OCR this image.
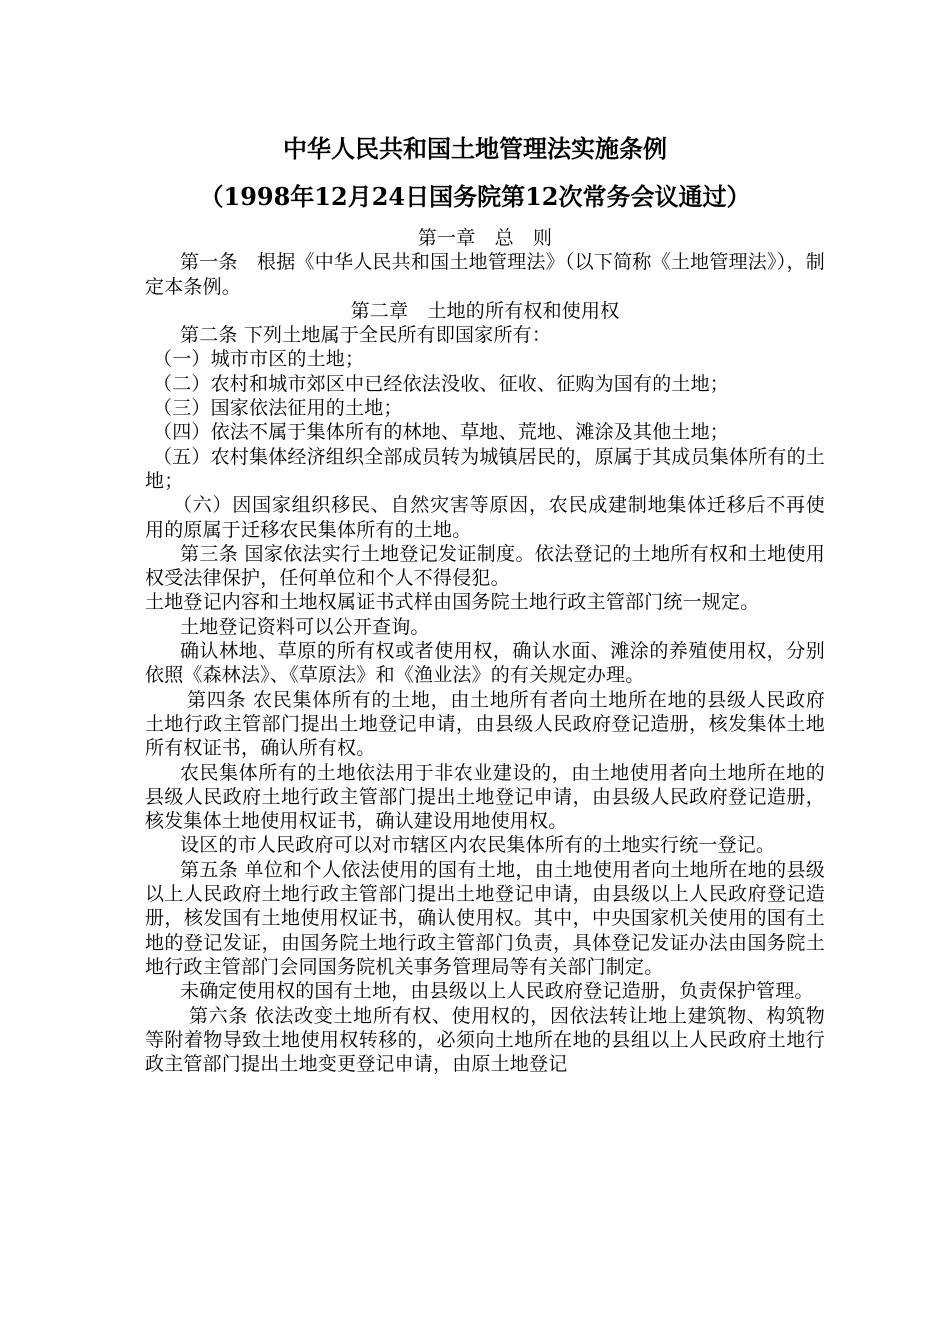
中华人民共和国土地管理法实施条例
（1998年12月24日国务院第12次常务会议通过）

第一章　总　则

第一条　根据《中华人民共和国土地管理法》（以下简称《土地管理法》），制定本条例。

第二章　土地的所有权和使用权

第二条 下列土地属于全民所有即国家所有：

（一）城市市区的土地；

（二）农村和城市郊区中已经依法没收、征收、征购为国有的土地；

（三）国家依法征用的土地；

（四）依法不属于集体所有的林地、草地、荒地、滩涂及其他土地；

（五）农村集体经济组织全部成员转为城镇居民的，原属于其成员集体所有的土地；

（六）因国家组织移民、自然灾害等原因，农民成建制地集体迁移后不再使用的原属于迁移农民集体所有的土地。

第三条 国家依法实行土地登记发证制度。依法登记的土地所有权和土地使用权受法律保护，任何单位和个人不得侵犯。

土地登记内容和土地权属证书式样由国务院土地行政主管部门统一规定。

土地登记资料可以公开查询。

确认林地、草原的所有权或者使用权，确认水面、滩涂的养殖使用权，分别依照《森林法》、《草原法》和《渔业法》的有关规定办理。

第四条 农民集体所有的土地，由土地所有者向土地所在地的县级人民政府土地行政主管部门提出土地登记申请，由县级人民政府登记造册，核发集体土地所有权证书，确认所有权。

农民集体所有的土地依法用于非农业建设的，由土地使用者向土地所在地的县级人民政府土地行政主管部门提出土地登记申请，由县级人民政府登记造册，核发集体土地使用权证书，确认建设用地使用权。

设区的市人民政府可以对市辖区内农民集体所有的土地实行统一登记。

第五条 单位和个人依法使用的国有土地，由土地使用者向土地所在地的县级以上人民政府土地行政主管部门提出土地登记申请，由县级以上人民政府登记造册，核发国有土地使用权证书，确认使用权。其中，中央国家机关使用的国有土地的登记发证，由国务院土地行政主管部门负责，具体登记发证办法由国务院土地行政主管部门会同国务院机关事务管理局等有关部门制定。

未确定使用权的国有土地，由县级以上人民政府登记造册，负责保护管理。

第六条 依法改变土地所有权、使用权的，因依法转让地上建筑物、构筑物等附着物导致土地使用权转移的，必须向土地所在地的县组以上人民政府土地行政主管部门提出土地变更登记申请，由原土地登记
